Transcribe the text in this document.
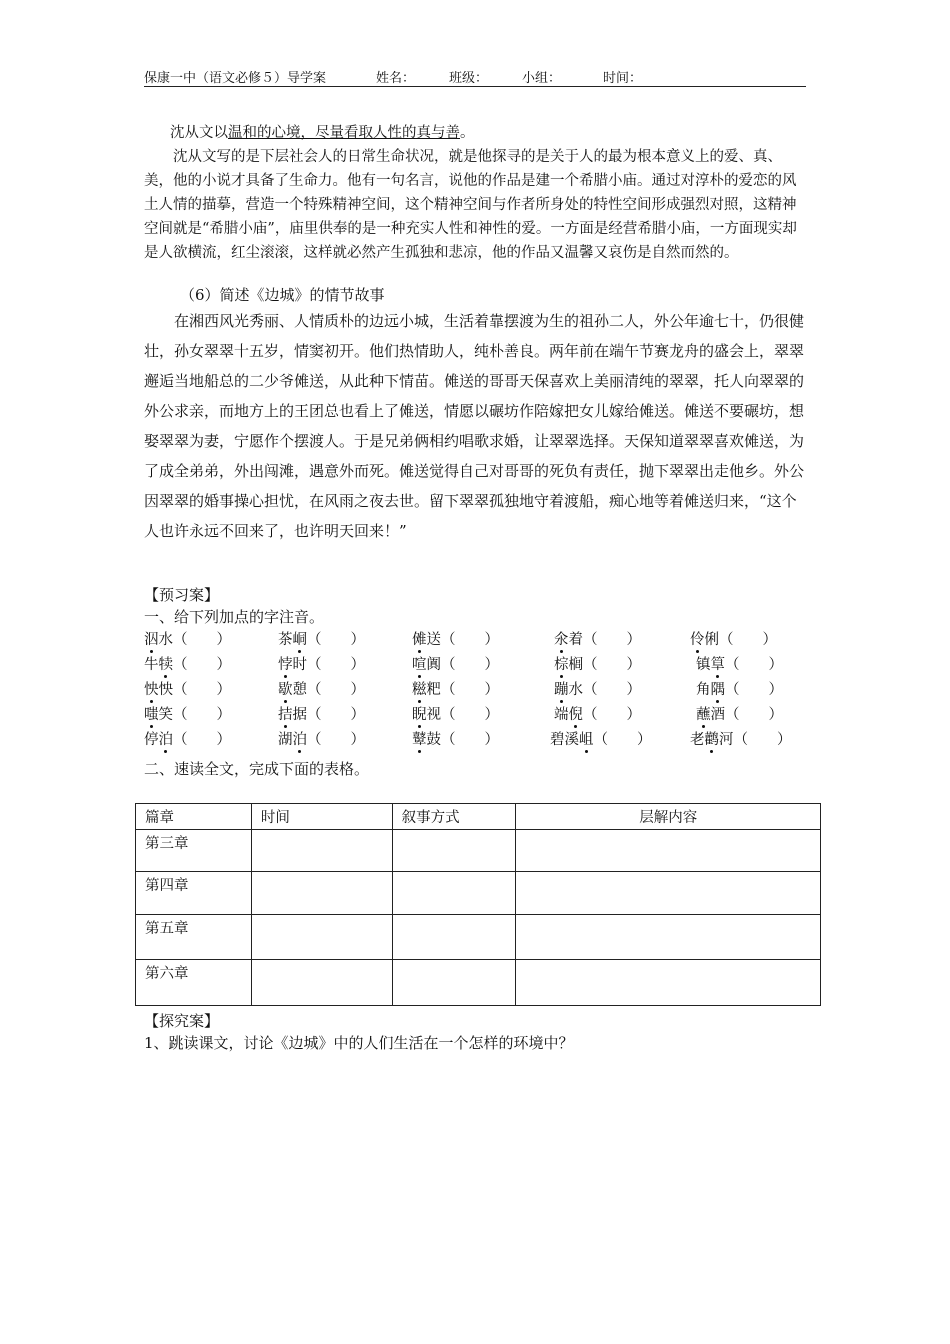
保康一中（语文必修５）导学案	姓名：	班级：	小组：	时间：

沈从文以温和的心境，尽量看取人性的真与善。

沈从文写的是下层社会人的日常生命状况，就是他探寻的是关于人的最为根本意义上的爱、真、美，他的小说才具备了生命力。他有一句名言，说他的作品是建一个希腊小庙。通过对淳朴的爱恋的风土人情的描摹，营造一个特殊精神空间，这个精神空间与作者所身处的特性空间形成强烈对照，这精神空间就是“希腊小庙”，庙里供奉的是一种充实人性和神性的爱。一方面是经营希腊小庙，一方面现实却是人欲横流，红尘滚滚，这样就必然产生孤独和悲凉，他的作品又温馨又哀伤是自然而然的。

（6）简述《边城》的情节故事

在湘西风光秀丽、人情质朴的边远小城，生活着靠摆渡为生的祖孙二人，外公年逾七十，仍很健壮，孙女翠翠十五岁，情窦初开。他们热情助人，纯朴善良。两年前在端午节赛龙舟的盛会上，翠翠邂逅当地船总的二少爷傩送，从此种下情苗。傩送的哥哥天保喜欢上美丽清纯的翠翠，托人向翠翠的外公求亲，而地方上的王团总也看上了傩送，情愿以碾坊作陪嫁把女儿嫁给傩送。傩送不要碾坊，想娶翠翠为妻，宁愿作个摆渡人。于是兄弟俩相约唱歌求婚，让翠翠选择。天保知道翠翠喜欢傩送，为了成全弟弟，外出闯滩，遇意外而死。傩送觉得自己对哥哥的死负有责任，抛下翠翠出走他乡。外公因翠翠的婚事操心担忧，在风雨之夜去世。留下翠翠孤独地守着渡船，痴心地等着傩送归来，“这个人也许永远不回来了，也许明天回来！”

【预习案】
一、给下列加点的字注音。
泅水（　　）	茶峒（　　）	傩送（　　）	氽着（　　）	伶俐（　　）
牛犊（　　）	悖时（　　）	喧阗（　　）	棕榈（　　）	镇筸（　　）
怏怏（　　）	歇憩（　　）	糍粑（　　）	蹦水（　　）	角隅（　　）
嗤笑（　　）	拮据（　　）	睨视（　　）	端倪（　　）	蘸酒（　　）
停泊（　　）	湖泊（　　）	鼙鼓（　　）	碧溪岨（　　）	老鹳河（　　）
二、速读全文，完成下面的表格。
篇章	时间	叙事方式	层解内容
第三章			
第四章			
第五章			
第六章			
【探究案】
1、跳读课文，讨论《边城》中的人们生活在一个怎样的环境中？
